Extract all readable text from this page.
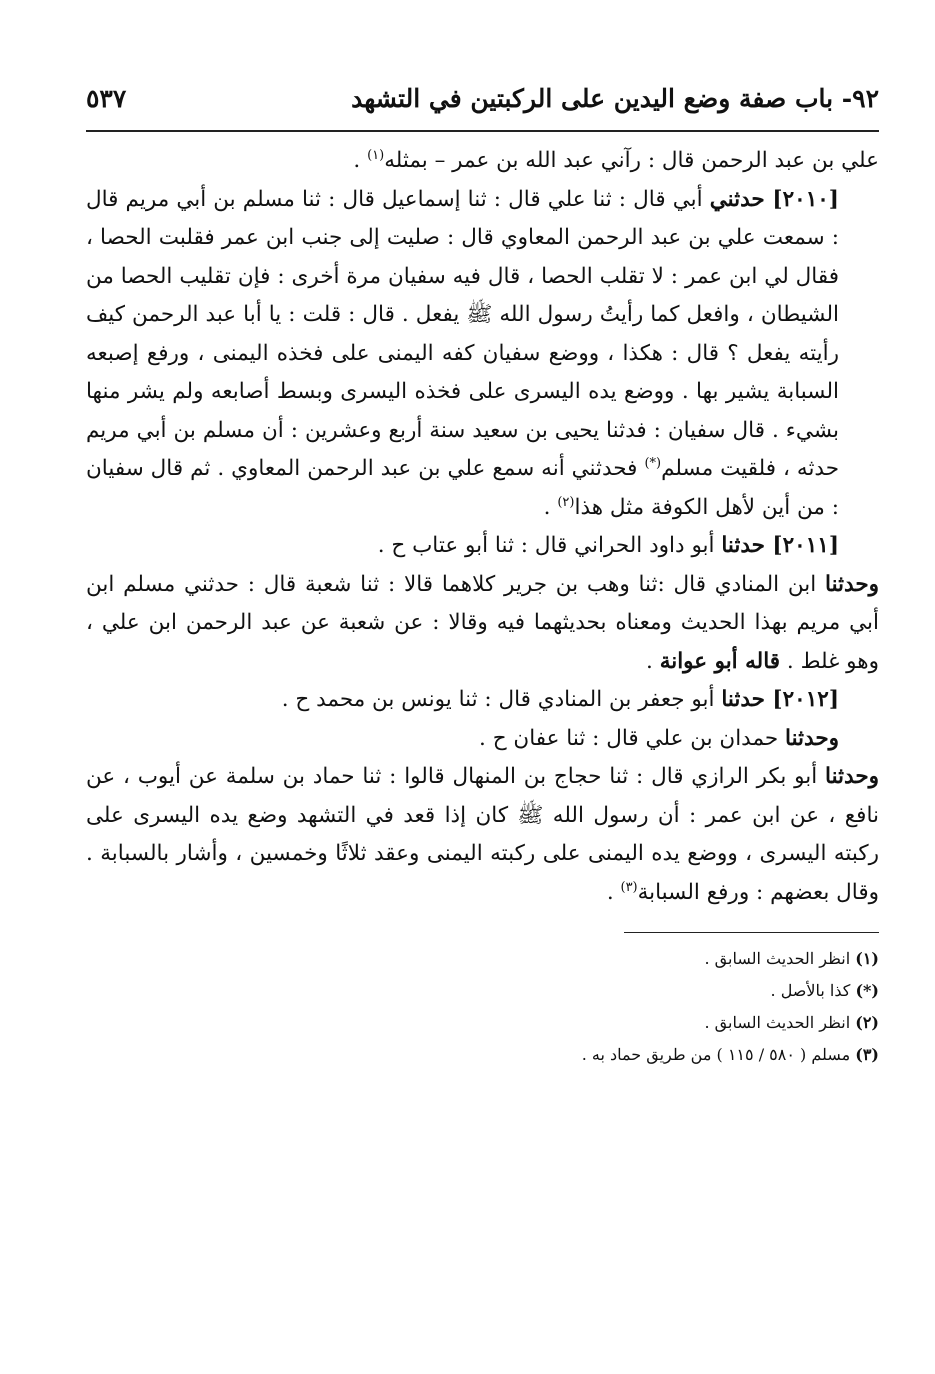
٩٢- باب صفة وضع اليدين على الركبتين في التشهد
٥٣٧

علي بن عبد الرحمن قال : رآني عبد الله بن عمر – بمثله$^{(١)}$ .

[٢٠١٠] حدثني أبي قال : ثنا علي قال : ثنا إسماعيل قال : ثنا مسلم بن أبي مريم قال : سمعت علي بن عبد الرحمن المعاوي قال : صليت إلى جنب ابن عمر فقلبت الحصا ، فقال لي ابن عمر : لا تقلب الحصا ، قال فيه سفيان مرة أخرى : فإن تقليب الحصا من الشيطان ، وافعل كما رأيتُ رسول الله ﷺ يفعل . قال : قلت : يا أبا عبد الرحمن كيف رأيته يفعل ؟ قال : هكذا ، ووضع سفيان كفه اليمنى على فخذه اليمنى ، ورفع إصبعه السبابة يشير بها . ووضع يده اليسرى على فخذه اليسرى وبسط أصابعه ولم يشر منها بشيء . قال سفيان : فدثنا يحيى بن سعيد سنة أربع وعشرين : أن مسلم بن أبي مريم حدثه ، فلقيت مسلم(*) فحدثني أنه سمع علي بن عبد الرحمن المعاوي . ثم قال سفيان : من أين لأهل الكوفة مثل هذا$^{(٢)}$ .

[٢٠١١] حدثنا أبو داود الحراني قال : ثنا أبو عتاب ح .

وحدثنا ابن المنادي قال :ثنا وهب بن جرير كلاهما قالا : ثنا شعبة قال : حدثني مسلم ابن أبي مريم بهذا الحديث ومعناه بحديثهما فيه وقالا : عن شعبة عن عبد الرحمن ابن علي ، وهو غلط . قاله أبو عوانة .

[٢٠١٢] حدثنا أبو جعفر بن المنادي قال : ثنا يونس بن محمد ح .

وحدثنا حمدان بن علي قال : ثنا عفان ح .

وحدثنا أبو بكر الرازي قال : ثنا حجاج بن المنهال قالوا : ثنا حماد بن سلمة عن أيوب ، عن نافع ، عن ابن عمر : أن رسول الله ﷺ كان إذا قعد في التشهد وضع يده اليسرى على ركبته اليسرى ، ووضع يده اليمنى على ركبته اليمنى وعقد ثلاثًا وخمسين ، وأشار بالسبابة . وقال بعضهم : ورفع السبابة$^{(٣)}$ .

(١) انظر الحديث السابق .
(*) كذا بالأصل .
(٢) انظر الحديث السابق .
(٣) مسلم ( ٥٨٠ / ١١٥ ) من طريق حماد به .
